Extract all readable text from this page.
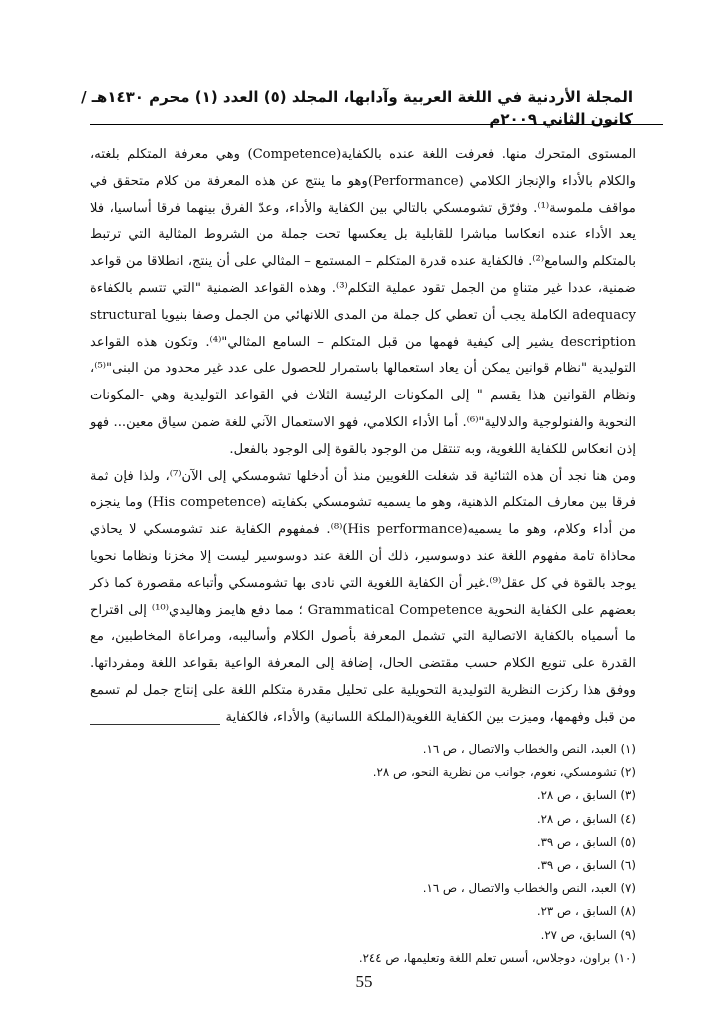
المجلة الأردنية في اللغة العربية وآدابها، المجلد (٥) العدد (١) محرم ١٤٣٠هـ /
كانون الثاني ٢٠٠٩م

المستوى المتحرك منها. فعرفت اللغة عنده بالكفاية(Competence) وهي معرفة المتكلم بلغته، والكلام بالأداء والإنجاز الكلامي (Performance)وهو ما ينتج عن هذه المعرفة من كلام متحقق في مواقف ملموسة⁽¹⁾. وفرّق تشومسكي بالتالي بين الكفاية والأداء، وعدّ الفرق بينهما فرقا أساسيا، فلا يعد الأداء عنده انعكاسا مباشرا للقابلية بل يعكسها تحت جملة من الشروط المثالية التي ترتبط بالمتكلم والسامع⁽²⁾. فالكفاية عنده قدرة المتكلم – المستمع – المثالي على أن ينتج، انطلاقا من قواعد ضمنية، عددا غير متناهٍ من الجمل تقود عملية التكلم⁽³⁾. وهذه القواعد الضمنية "التي تتسم بالكفاءة adequacy الكاملة يجب أن تعطي كل جملة من المدى اللانهائي من الجمل وصفا بنيويا structural description يشير إلى كيفية فهمها من قبل المتكلم – السامع المثالي"⁽⁴⁾. وتكون هذه القواعد التوليدية "نظام قوانين يمكن أن يعاد استعمالها باستمرار للحصول على عدد غير محدود من البنى"⁽⁵⁾، ونظام القوانين هذا يقسم " إلى المكونات الرئيسة الثلاث في القواعد التوليدية وهي -المكونات النحوية والفنولوجية والدلالية"⁽⁶⁾. أما الأداء الكلامي، فهو الاستعمال الآني للغة ضمن سياق معين... فهو إذن انعكاس للكفاية اللغوية، وبه تنتقل من الوجود بالقوة إلى الوجود بالفعل.

ومن هنا نجد أن هذه الثنائية قد شغلت اللغويين منذ أن أدخلها تشومسكي إلى الآن⁽⁷⁾، ولذا فإن ثمة فرقا بين معارف المتكلم الذهنية، وهو ما يسميه تشومسكي بكفايته (His competence) وما ينجزه من أداء وكلام، وهو ما يسميه(His performance)⁽⁸⁾. فمفهوم الكفاية عند تشومسكي لا يحاذي محاذاة تامة مفهوم اللغة عند دوسوسير، ذلك أن اللغة عند دوسوسير ليست إلا مخزنا ونظاما نحويا يوجد بالقوة في كل عقل⁽⁹⁾.غير أن الكفاية اللغوية التي نادى بها تشومسكي وأتباعه مقصورة كما ذكر بعضهم على الكفاية النحوية Grammatical Competence ؛ مما دفع هايمز وهاليدي⁽¹⁰⁾ إلى اقتراح ما أسمياه بالكفاية الاتصالية التي تشمل المعرفة بأصول الكلام وأساليبه، ومراعاة المخاطبين، مع القدرة على تنويع الكلام حسب مقتضى الحال، إضافة إلى المعرفة الواعية بقواعد اللغة ومفرداتها. ووفق هذا ركزت النظرية التوليدية التحويلية على تحليل مقدرة متكلم اللغة على إنتاج جمل لم تسمع من قبل وفهمها، وميزت بين الكفاية اللغوية(الملكة اللسانية) والأداء، فالكفاية

(١) العبد، النص والخطاب والاتصال ، ص ١٦.
(٢) تشومسكي، نعوم، جوانب من نظرية النحو، ص ٢٨.
(٣) السابق ، ص ٢٨.
(٤) السابق ، ص ٢٨.
(٥) السابق ، ص ٣٩.
(٦) السابق ، ص ٣٩.
(٧) العبد، النص والخطاب والاتصال ، ص ١٦.
(٨) السابق ، ص ٢٣.
(٩) السابق، ص ٢٧.
(١٠) براون، دوجلاس، أسس تعلم اللغة وتعليمها، ص ٢٤٤.
55
